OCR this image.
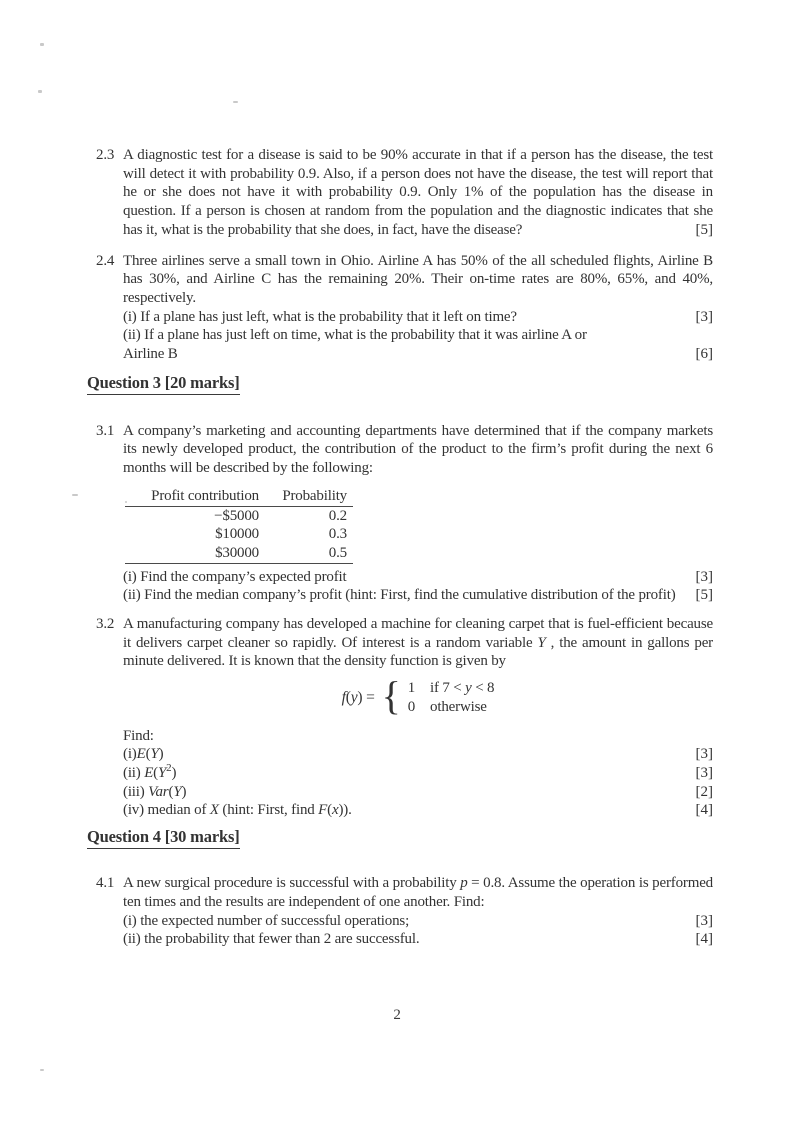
2.3 A diagnostic test for a disease is said to be 90% accurate in that if a person has the disease, the test will detect it with probability 0.9. Also, if a person does not have the disease, the test will report that he or she does not have it with probability 0.9. Only 1% of the population has the disease in question. If a person is chosen at random from the population and the diagnostic indicates that she has it, what is the probability that she does, in fact, have the disease?	[5]
2.4 Three airlines serve a small town in Ohio. Airline A has 50% of the all scheduled flights, Airline B has 30%, and Airline C has the remaining 20%. Their on-time rates are 80%, 65%, and 40%, respectively.
(i) If a plane has just left, what is the probability that it left on time?	[3]
(ii) If a plane has just left on time, what is the probability that it was airline A or
Airline B	[6]
Question 3 [20 marks]
3.1 A company’s marketing and accounting departments have determined that if the company markets its newly developed product, the contribution of the product to the firm’s profit during the next 6 months will be described by the following:
Profit contribution	Probability
−$5000	0.2
$10000	0.3
$30000	0.5
(i) Find the company’s expected profit	[3]
(ii) Find the median company’s profit (hint: First, find the cumulative distribution of the profit) [5]
3.2 A manufacturing company has developed a machine for cleaning carpet that is fuel-efficient because it delivers carpet cleaner so rapidly. Of interest is a random variable Y , the amount in gallons per minute delivered. It is known that the density function is given by
f(y) = { 1 if 7 < y < 8
0 otherwise
Find:
(i)E(Y)	[3]
(ii) $E(Y^2)$	[3]
(iii) Var(Y)	[2]
(iv) median of X (hint: First, find F(x)).	[4]
Question 4 [30 marks]
4.1 A new surgical procedure is successful with a probability p = 0.8. Assume the operation is performed ten times and the results are independent of one another. Find:
(i) the expected number of successful operations;	[3]
(ii) the probability that fewer than 2 are successful.	[4]
2
